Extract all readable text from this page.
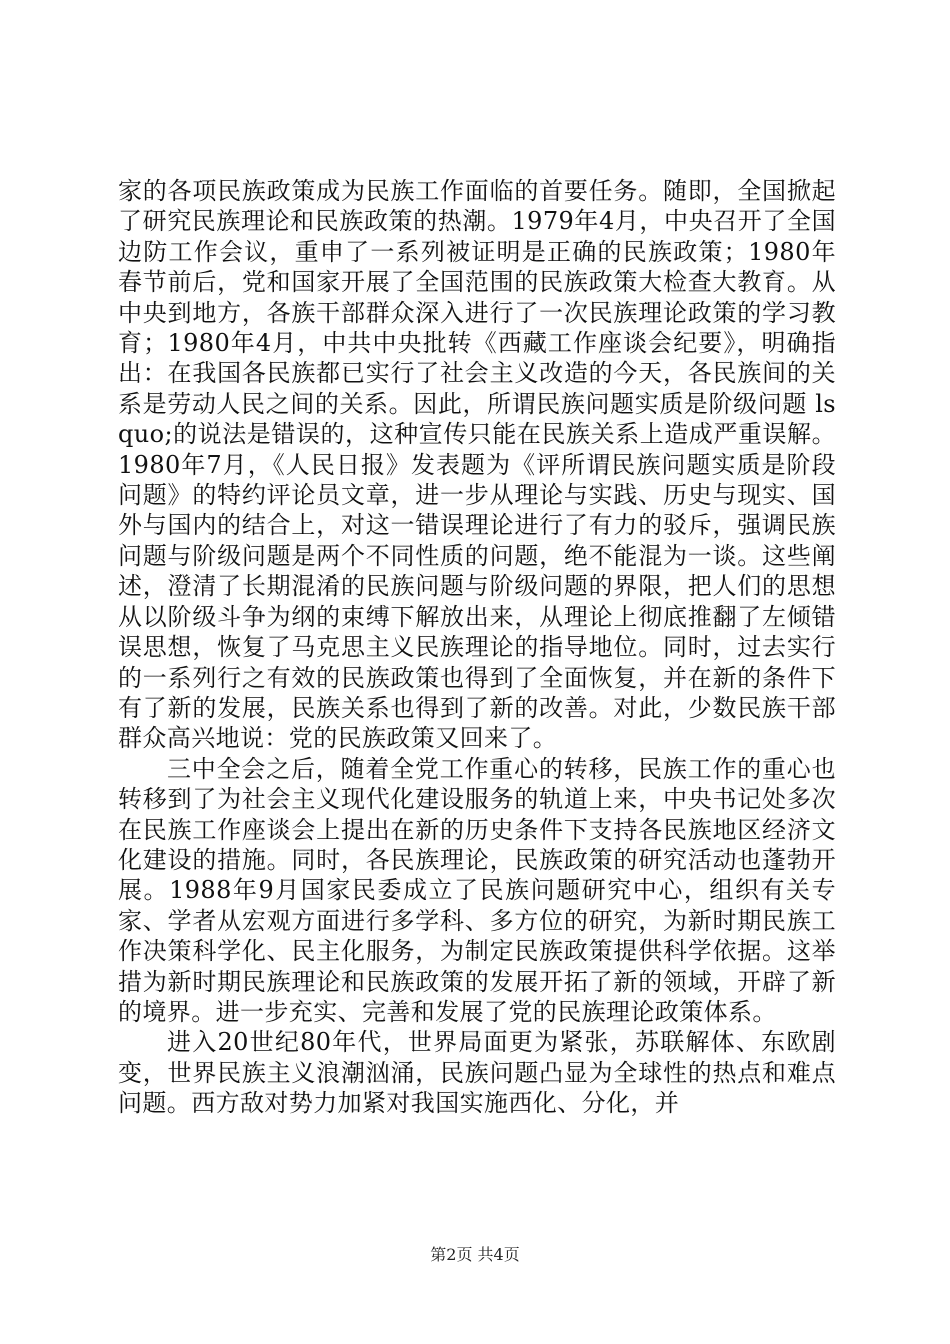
家的各项民族政策成为民族工作面临的首要任务。随即，全国掀起了研究民族理论和民族政策的热潮。1979年4月，中央召开了全国边防工作会议，重申了一系列被证明是正确的民族政策；1980年春节前后，党和国家开展了全国范围的民族政策大检查大教育。从中央到地方，各族干部群众深入进行了一次民族理论政策的学习教育；1980年4月，中共中央批转《西藏工作座谈会纪要》，明确指出：在我国各民族都已实行了社会主义改造的今天，各民族间的关系是劳动人民之间的关系。因此，所谓民族问题实质是阶级问题 lsquo;的说法是错误的，这种宣传只能在民族关系上造成严重误解。1980年7月，《人民日报》发表题为《评所谓民族问题实质是阶段问题》的特约评论员文章，进一步从理论与实践、历史与现实、国外与国内的结合上，对这一错误理论进行了有力的驳斥，强调民族问题与阶级问题是两个不同性质的问题，绝不能混为一谈。这些阐述，澄清了长期混淆的民族问题与阶级问题的界限，把人们的思想从以阶级斗争为纲的束缚下解放出来，从理论上彻底推翻了左倾错误思想，恢复了马克思主义民族理论的指导地位。同时，过去实行的一系列行之有效的民族政策也得到了全面恢复，并在新的条件下有了新的发展，民族关系也得到了新的改善。对此，少数民族干部群众高兴地说：党的民族政策又回来了。

三中全会之后，随着全党工作重心的转移，民族工作的重心也转移到了为社会主义现代化建设服务的轨道上来，中央书记处多次在民族工作座谈会上提出在新的历史条件下支持各民族地区经济文化建设的措施。同时，各民族理论，民族政策的研究活动也蓬勃开展。1988年9月国家民委成立了民族问题研究中心，组织有关专家、学者从宏观方面进行多学科、多方位的研究，为新时期民族工作决策科学化、民主化服务，为制定民族政策提供科学依据。这举措为新时期民族理论和民族政策的发展开拓了新的领域，开辟了新的境界。进一步充实、完善和发展了党的民族理论政策体系。

进入20世纪80年代，世界局面更为紧张，苏联解体、东欧剧变，世界民族主义浪潮汹涌，民族问题凸显为全球性的热点和难点问题。西方敌对势力加紧对我国实施西化、分化，并

第2页 共4页
